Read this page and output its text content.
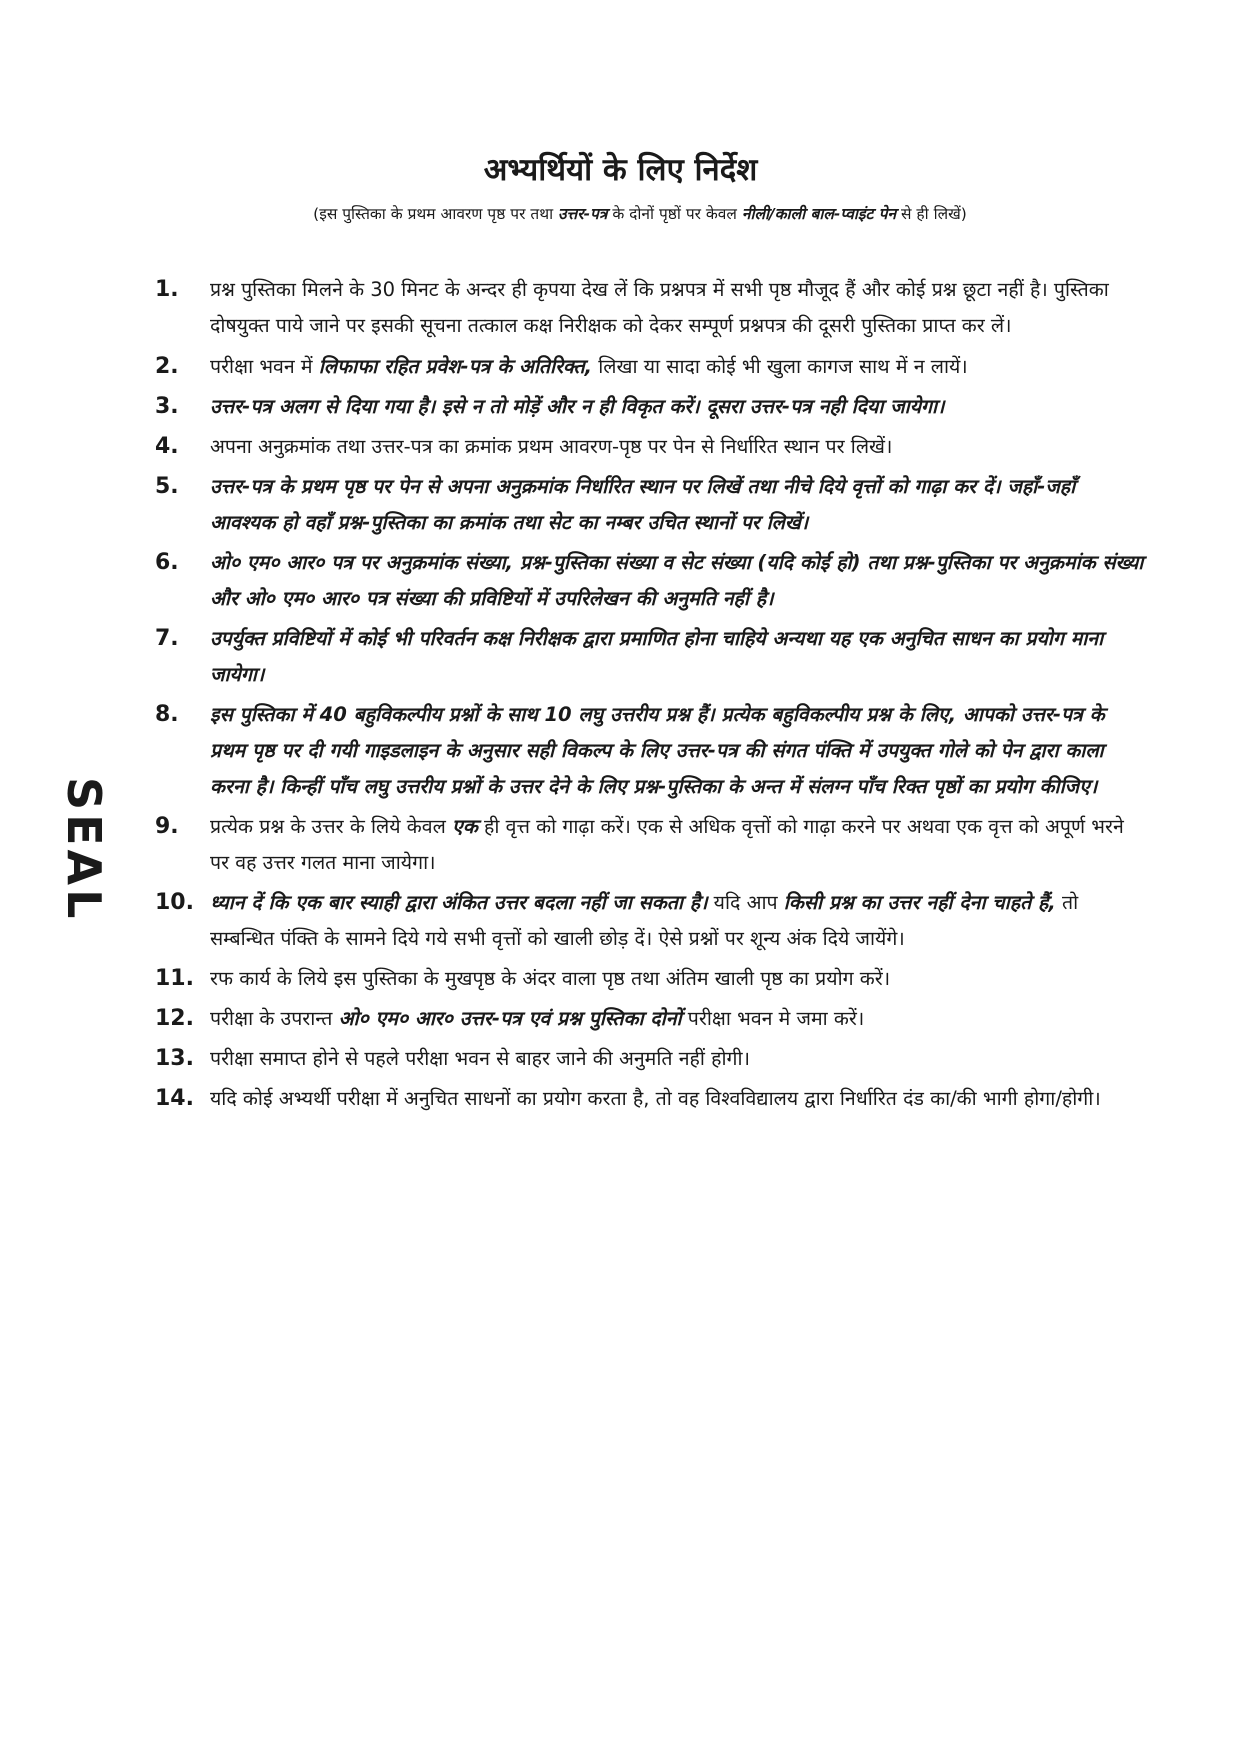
अभ्यर्थियों के लिए निर्देश

(इस पुस्तिका के प्रथम आवरण पृष्ठ पर तथा उत्तर-पत्र के दोनों पृष्ठों पर केवल नीली/काली बाल-प्वाइंट पेन से ही लिखें)

SEAL
1.	प्रश्न पुस्तिका मिलने के 30 मिनट के अन्दर ही कृपया देख लें कि प्रश्नपत्र में सभी पृष्ठ मौजूद हैं और कोई प्रश्न छूटा नहीं है। पुस्तिका दोषयुक्त पाये जाने पर इसकी सूचना तत्काल कक्ष निरीक्षक को देकर सम्पूर्ण प्रश्नपत्र की दूसरी पुस्तिका प्राप्त कर लें।
2.	परीक्षा भवन में लिफाफा रहित प्रवेश-पत्र के अतिरिक्त, लिखा या सादा कोई भी खुला कागज साथ में न लायें।
3.	उत्तर-पत्र अलग से दिया गया है। इसे न तो मोड़ें और न ही विकृत करें। दूसरा उत्तर-पत्र नही दिया जायेगा।
4.	अपना अनुक्रमांक तथा उत्तर-पत्र का क्रमांक प्रथम आवरण-पृष्ठ पर पेन से निर्धारित स्थान पर लिखें।
5.	उत्तर-पत्र के प्रथम पृष्ठ पर पेन से अपना अनुक्रमांक निर्धारित स्थान पर लिखें तथा नीचे दिये वृत्तों को गाढ़ा कर दें। जहाँ-जहाँ आवश्यक हो वहाँ प्रश्न-पुस्तिका का क्रमांक तथा सेट का नम्बर उचित स्थानों पर लिखें।
6.	ओ० एम० आर० पत्र पर अनुक्रमांक संख्या, प्रश्न-पुस्तिका संख्या व सेट संख्या (यदि कोई हो) तथा प्रश्न-पुस्तिका पर अनुक्रमांक संख्या और ओ० एम० आर० पत्र संख्या की प्रविष्टियों में उपरिलेखन की अनुमति नहीं है।
7.	उपर्युक्त प्रविष्टियों में कोई भी परिवर्तन कक्ष निरीक्षक द्वारा प्रमाणित होना चाहिये अन्यथा यह एक अनुचित साधन का प्रयोग माना जायेगा।
8.	इस पुस्तिका में 40 बहुविकल्पीय प्रश्नों के साथ 10 लघु उत्तरीय प्रश्न हैं। प्रत्येक बहुविकल्पीय प्रश्न के लिए, आपको उत्तर-पत्र के प्रथम पृष्ठ पर दी गयी गाइडलाइन के अनुसार सही विकल्प के लिए उत्तर-पत्र की संगत पंक्ति में उपयुक्त गोले को पेन द्वारा काला करना है। किन्हीं पाँच लघु उत्तरीय प्रश्नों के उत्तर देने के लिए प्रश्न-पुस्तिका के अन्त में संलग्न पाँच रिक्त पृष्ठों का प्रयोग कीजिए।
9.	प्रत्येक प्रश्न के उत्तर के लिये केवल एक ही वृत्त को गाढ़ा करें। एक से अधिक वृत्तों को गाढ़ा करने पर अथवा एक वृत्त को अपूर्ण भरने पर वह उत्तर गलत माना जायेगा।
10. ध्यान दें कि एक बार स्याही द्वारा अंकित उत्तर बदला नहीं जा सकता है। यदि आप किसी प्रश्न का उत्तर नहीं देना चाहते हैं, तो सम्बन्धित पंक्ति के सामने दिये गये सभी वृत्तों को खाली छोड़ दें। ऐसे प्रश्नों पर शून्य अंक दिये जायेंगे।
11. रफ कार्य के लिये इस पुस्तिका के मुखपृष्ठ के अंदर वाला पृष्ठ तथा अंतिम खाली पृष्ठ का प्रयोग करें।
12. परीक्षा के उपरान्त ओ० एम० आर० उत्तर-पत्र एवं प्रश्न पुस्तिका दोनों परीक्षा भवन मे जमा करें।
13. परीक्षा समाप्त होने से पहले परीक्षा भवन से बाहर जाने की अनुमति नहीं होगी।
14. यदि कोई अभ्यर्थी परीक्षा में अनुचित साधनों का प्रयोग करता है, तो वह विश्वविद्यालय द्वारा निर्धारित दंड का/की भागी होगा/होगी।
